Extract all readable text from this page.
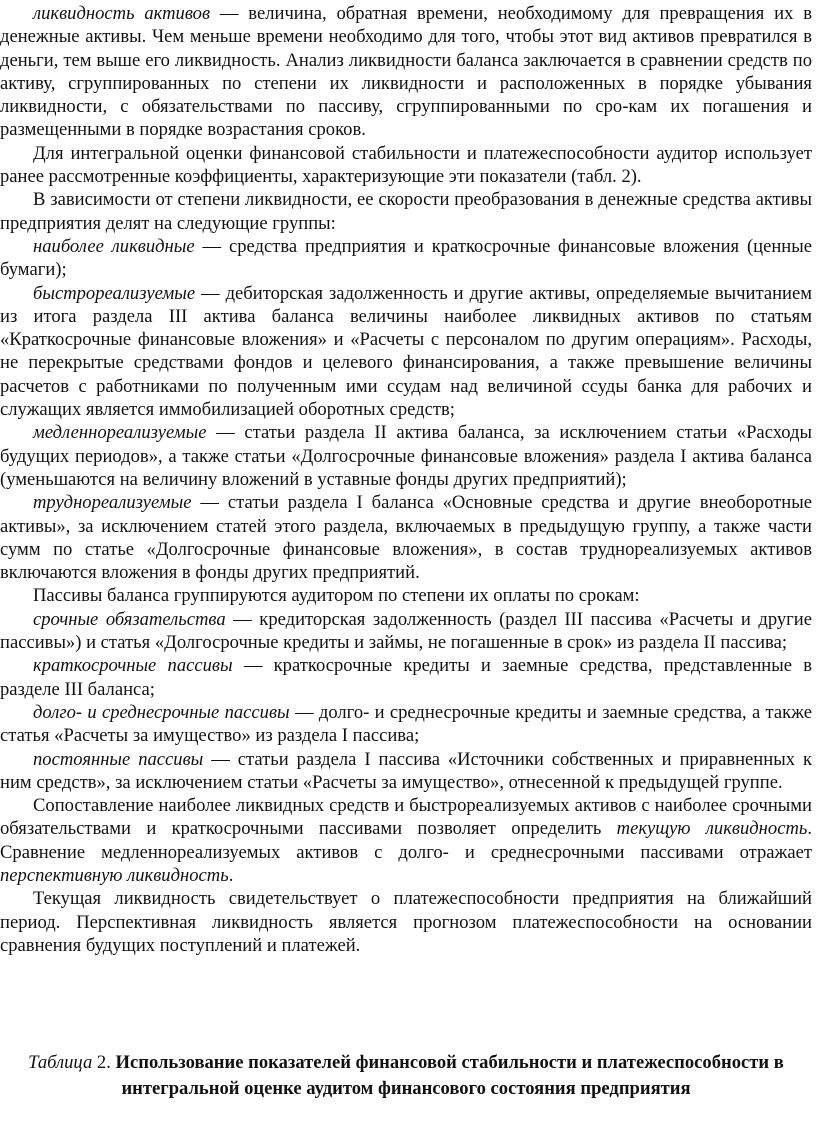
ликвидность активов — величина, обратная времени, необходимому для превращения их в денежные активы. Чем меньше времени необходимо для того, чтобы этот вид активов превратился в деньги, тем выше его ликвидность. Анализ ликвидности баланса заключается в сравнении средств по активу, сгруппированных по степени их ликвидности и расположенных в порядке убывания ликвидности, с обязательствами по пассиву, сгруппированными по сро-кам их погашения и размещенными в порядке возрастания сроков.

Для интегральной оценки финансовой стабильности и платежеспособности аудитор использует ранее рассмотренные коэффициенты, характеризующие эти показатели (табл. 2).

В зависимости от степени ликвидности, ее скорости преобразования в денежные средства активы предприятия делят на следующие группы:

наиболее ликвидные — средства предприятия и краткосрочные финансовые вложения (ценные бумаги);

быстрореализуемые — дебиторская задолженность и другие активы, определяемые вычитанием из итога раздела III актива баланса величины наиболее ликвидных активов по статьям «Краткосрочные финансовые вложения» и «Расчеты с персоналом по другим операциям». Расходы, не перекрытые средствами фондов и целевого финансирования, а также превышение величины расчетов с работниками по полученным ими ссудам над величиной ссуды банка для рабочих и служащих является иммобилизацией оборотных средств;

медленнореализуемые — статьи раздела II актива баланса, за исключением статьи «Расходы будущих периодов», а также статьи «Долгосрочные финансовые вложения» раздела I актива баланса (уменьшаются на величину вложений в уставные фонды других предприятий);

труднореализуемые — статьи раздела I баланса «Основные средства и другие внеоборотные активы», за исключением статей этого раздела, включаемых в предыдущую группу, а также части сумм по статье «Долгосрочные финансовые вложения», в состав труднореализуемых активов включаются вложения в фонды других предприятий.

Пассивы баланса группируются аудитором по степени их оплаты по срокам:

срочные обязательства — кредиторская задолженность (раздел III пассива «Расчеты и другие пассивы») и статья «Долгосрочные кредиты и займы, не погашенные в срок» из раздела II пассива;

краткосрочные пассивы — краткосрочные кредиты и заемные средства, представленные в разделе III баланса;

долго- и среднесрочные пассивы — долго- и среднесрочные кредиты и заемные средства, а также статья «Расчеты за имущество» из раздела I пассива;

постоянные пассивы — статьи раздела I пассива «Источники собственных и приравненных к ним средств», за исключением статьи «Расчеты за имущество», отнесенной к предыдущей группе.

Сопоставление наиболее ликвидных средств и быстрореализуемых активов с наиболее срочными обязательствами и краткосрочными пассивами позволяет определить текущую ликвидность. Сравнение медленнореализуемых активов с долго- и среднесрочными пассивами отражает перспективную ликвидность.

Текущая ликвидность свидетельствует о платежеспособности предприятия на ближайший период. Перспективная ликвидность является прогнозом платежеспособности на основании сравнения будущих поступлений и платежей.

Таблица 2. Использование показателей финансовой стабильности и платежеспособности в интегральной оценке аудитом финансового состояния предприятия
